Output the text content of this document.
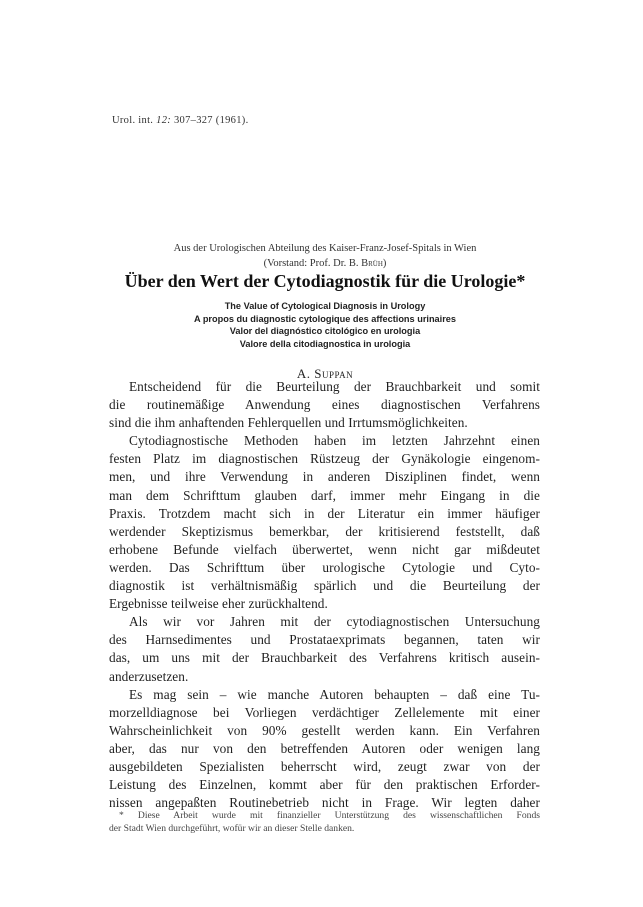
Urol. int. 12: 307–327 (1961).
Aus der Urologischen Abteilung des Kaiser-Franz-Josef-Spitals in Wien
(Vorstand: Prof. Dr. B. Brüh)
Über den Wert der Cytodiagnostik für die Urologie*
The Value of Cytological Diagnosis in Urology
A propos du diagnostic cytologique des affections urinaires
Valor del diagnóstico citológico en urologia
Valore della citodiagnostica in urologia
A. Suppan
Entscheidend für die Beurteilung der Brauchbarkeit und somit
die routinemäßige Anwendung eines diagnostischen Verfahrens
sind die ihm anhaftenden Fehlerquellen und Irrtumsmöglichkeiten.
Cytodiagnostische Methoden haben im letzten Jahrzehnt einen
festen Platz im diagnostischen Rüstzeug der Gynäkologie eingenom-
men, und ihre Verwendung in anderen Disziplinen findet, wenn
man dem Schrifttum glauben darf, immer mehr Eingang in die
Praxis. Trotzdem macht sich in der Literatur ein immer häufiger
werdender Skeptizismus bemerkbar, der kritisierend feststellt, daß
erhobene Befunde vielfach überwertet, wenn nicht gar mißdeutet
werden. Das Schrifttum über urologische Cytologie und Cyto-
diagnostik ist verhältnismäßig spärlich und die Beurteilung der
Ergebnisse teilweise eher zurückhaltend.
Als wir vor Jahren mit der cytodiagnostischen Untersuchung
des Harnsedimentes und Prostataexprimats begannen, taten wir
das, um uns mit der Brauchbarkeit des Verfahrens kritisch ausein-
anderzusetzen.
Es mag sein – wie manche Autoren behaupten – daß eine Tu-
morzelldiagnose bei Vorliegen verdächtiger Zellelemente mit einer
Wahrscheinlichkeit von 90% gestellt werden kann. Ein Verfahren
aber, das nur von den betreffenden Autoren oder wenigen lang
ausgebildeten Spezialisten beherrscht wird, zeugt zwar von der
Leistung des Einzelnen, kommt aber für den praktischen Erforder-
nissen angepaßten Routinebetrieb nicht in Frage. Wir legten daher
* Diese Arbeit wurde mit finanzieller Unterstützung des wissenschaftlichen Fonds
der Stadt Wien durchgeführt, wofür wir an dieser Stelle danken.
